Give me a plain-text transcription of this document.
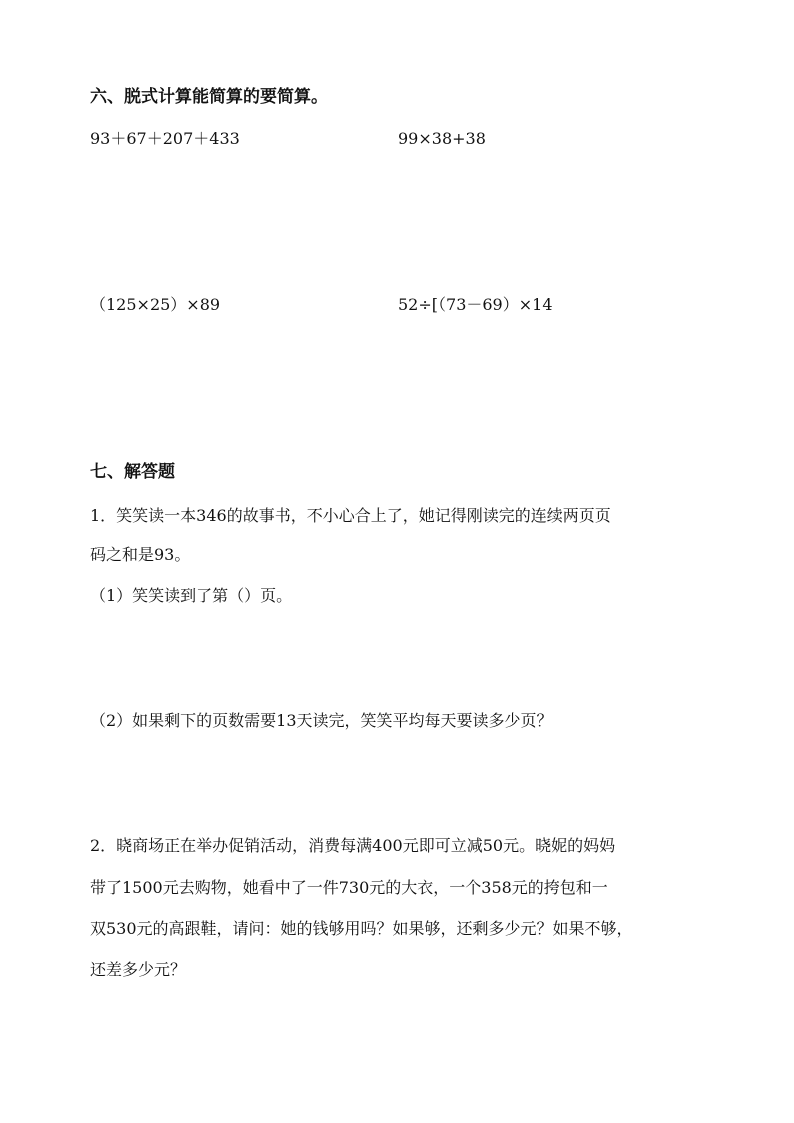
六、脱式计算能简算的要简算。
93＋67＋207＋433	99×38+38
（125×25）×89	52÷[（73－69）×14
七、解答题
1．笑笑读一本346的故事书，不小心合上了，她记得刚读完的连续两页页
码之和是93。
（1）笑笑读到了第（）页。
（2）如果剩下的页数需要13天读完，笑笑平均每天要读多少页？
2．晓商场正在举办促销活动，消费每满400元即可立减50元。晓妮的妈妈
带了1500元去购物，她看中了一件730元的大衣，一个358元的挎包和一
双530元的高跟鞋，请问：她的钱够用吗？如果够，还剩多少元？如果不够，
还差多少元？
